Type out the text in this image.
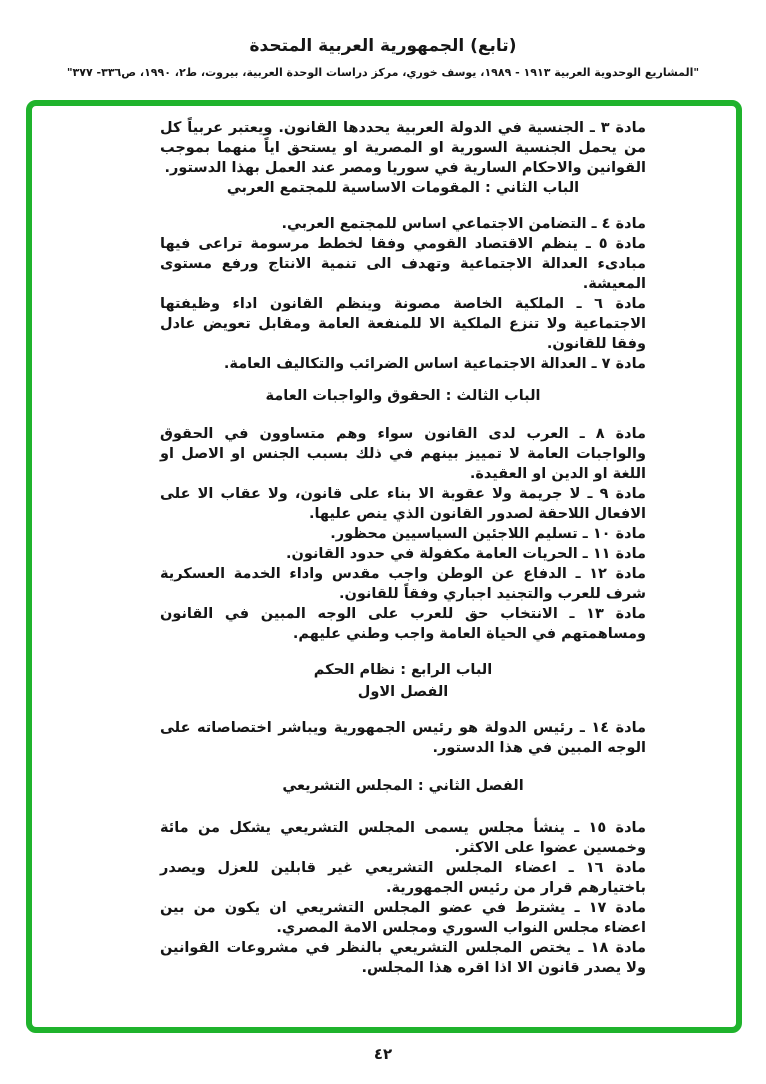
(تابع) الجمهورية العربية المتحدة
"المشاريع الوحدوية العربية ١٩١٣ - ١٩٨٩، يوسف خوري، مركز دراسات الوحدة العربية، بيروت، ط٢، ١٩٩٠، ص٣٣٦- ٣٧٧"

مادة ٣ ـ الجنسية في الدولة العربية يحددها القانون. ويعتبر عربياً كل من يحمل الجنسية السورية او المصرية او يستحق اياً منهما بموجب القوانين والاحكام السارية في سوريا ومصر عند العمل بهذا الدستور.

الباب الثاني : المقومات الاساسية للمجتمع العربي

مادة ٤ ـ التضامن الاجتماعي اساس للمجتمع العربي.

مادة ٥ ـ ينظم الاقتصاد القومي وفقا لخطط مرسومة تراعى فيها مبادىء العدالة الاجتماعية وتهدف الى تنمية الانتاج ورفع مستوى المعيشة.

مادة ٦ ـ الملكية الخاصة مصونة وينظم القانون اداء وظيفتها الاجتماعية ولا تنزع الملكية الا للمنفعة العامة ومقابل تعويض عادل وفقا للقانون.

مادة ٧ ـ العدالة الاجتماعية اساس الضرائب والتكاليف العامة.

الباب الثالث : الحقوق والواجبات العامة

مادة ٨ ـ العرب لدى القانون سواء وهم متساوون في الحقوق والواجبات العامة لا تمييز بينهم في ذلك بسبب الجنس او الاصل او اللغة او الدين او العقيدة.

مادة ٩ ـ لا جريمة ولا عقوبة الا بناء على قانون، ولا عقاب الا على الافعال اللاحقة لصدور القانون الذي ينص عليها.

مادة ١٠ ـ تسليم اللاجئين السياسيين محظور.

مادة ١١ ـ الحريات العامة مكفولة في حدود القانون.

مادة ١٢ ـ الدفاع عن الوطن واجب مقدس واداء الخدمة العسكرية شرف للعرب والتجنيد اجباري وفقاً للقانون.

مادة ١٣ ـ الانتخاب حق للعرب على الوجه المبين في القانون ومساهمتهم في الحياة العامة واجب وطني عليهم.

الباب الرابع : نظام الحكم
الفصل الاول

مادة ١٤ ـ رئيس الدولة هو رئيس الجمهورية ويباشر اختصاصاته على الوجه المبين في هذا الدستور.

الفصل الثاني : المجلس التشريعي

مادة ١٥ ـ ينشأ مجلس يسمى المجلس التشريعي يشكل من مائة وخمسين عضوا على الاكثر.

مادة ١٦ ـ اعضاء المجلس التشريعي غير قابلين للعزل ويصدر باختيارهم قرار من رئيس الجمهورية.

مادة ١٧ ـ يشترط في عضو المجلس التشريعي ان يكون من بين اعضاء مجلس النواب السوري ومجلس الامة المصري.

مادة ١٨ ـ يختص المجلس التشريعي بالنظر في مشروعات القوانين ولا يصدر قانون الا اذا اقره هذا المجلس.

٤٢
